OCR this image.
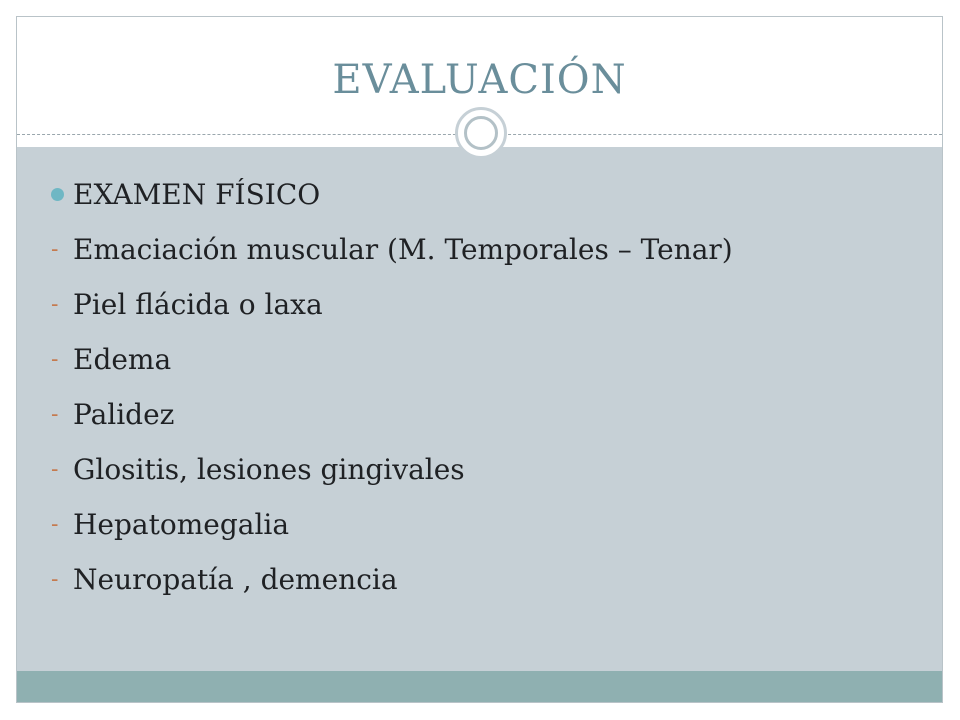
EVALUACIÓN
EXAMEN FÍSICO
- Emaciación muscular (M. Temporales – Tenar)
- Piel flácida o laxa
- Edema
- Palidez
- Glositis, lesiones gingivales
- Hepatomegalia
- Neuropatía , demencia
